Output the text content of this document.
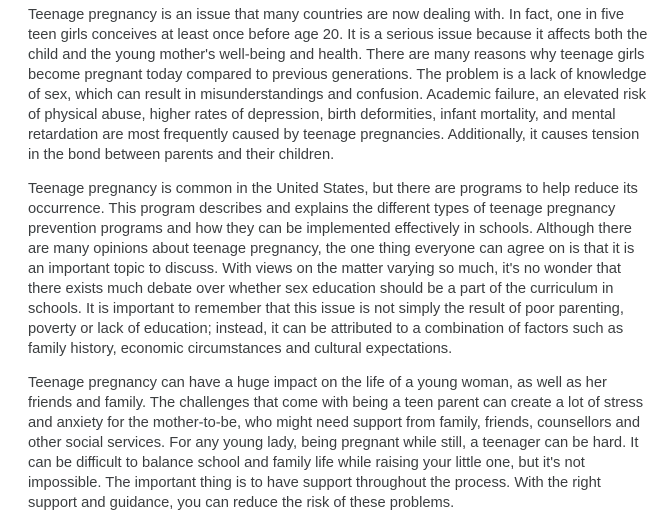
Teenage pregnancy is an issue that many countries are now dealing with. In fact, one in five teen girls conceives at least once before age 20. It is a serious issue because it affects both the child and the young mother's well-being and health. There are many reasons why teenage girls become pregnant today compared to previous generations. The problem is a lack of knowledge of sex, which can result in misunderstandings and confusion. Academic failure, an elevated risk of physical abuse, higher rates of depression, birth deformities, infant mortality, and mental retardation are most frequently caused by teenage pregnancies. Additionally, it causes tension in the bond between parents and their children.

Teenage pregnancy is common in the United States, but there are programs to help reduce its occurrence. This program describes and explains the different types of teenage pregnancy prevention programs and how they can be implemented effectively in schools. Although there are many opinions about teenage pregnancy, the one thing everyone can agree on is that it is an important topic to discuss. With views on the matter varying so much, it's no wonder that there exists much debate over whether sex education should be a part of the curriculum in schools. It is important to remember that this issue is not simply the result of poor parenting, poverty or lack of education; instead, it can be attributed to a combination of factors such as family history, economic circumstances and cultural expectations.

Teenage pregnancy can have a huge impact on the life of a young woman, as well as her friends and family. The challenges that come with being a teen parent can create a lot of stress and anxiety for the mother-to-be, who might need support from family, friends, counsellors and other social services. For any young lady, being pregnant while still, a teenager can be hard. It can be difficult to balance school and family life while raising your little one, but it's not impossible. The important thing is to have support throughout the process. With the right support and guidance, you can reduce the risk of these problems.
